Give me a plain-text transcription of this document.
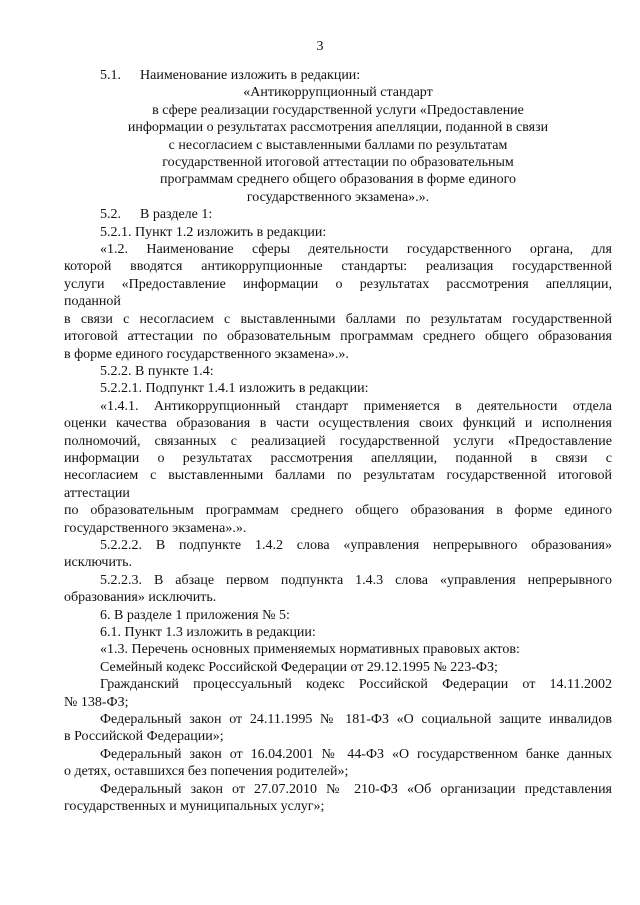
3

5.1. Наименование изложить в редакции:

«Антикоррупционный стандарт

в сфере реализации государственной услуги «Предоставление

информации о результатах рассмотрения апелляции, поданной в связи

с несогласием с выставленными баллами по результатам

государственной итоговой аттестации по образовательным

программам среднего общего образования в форме единого

государственного экзамена».».

5.2. В разделе 1:

5.2.1. Пункт 1.2 изложить в редакции:

«1.2. Наименование сферы деятельности государственного органа, для

которой вводятся антикоррупционные стандарты: реализация государственной

услуги «Предоставление информации о результатах рассмотрения апелляции,

поданной

в связи с несогласием с выставленными баллами по результатам государственной

итоговой аттестации по образовательным программам среднего общего образования

в форме единого государственного экзамена».».

5.2.2. В пункте 1.4:

5.2.2.1. Подпункт 1.4.1 изложить в редакции:

«1.4.1. Антикоррупционный стандарт применяется в деятельности отдела

оценки качества образования в части осуществления своих функций и исполнения

полномочий, связанных с реализацией государственной услуги «Предоставление

информации о результатах рассмотрения апелляции, поданной в связи с

несогласием с выставленными баллами по результатам государственной итоговой

аттестации

по образовательным программам среднего общего образования в форме единого

государственного экзамена».».

5.2.2.2. В подпункте 1.4.2 слова «управления непрерывного образования»

исключить.

5.2.2.3. В абзаце первом подпункта 1.4.3 слова «управления непрерывного

образования» исключить.

6. В разделе 1 приложения № 5:

6.1. Пункт 1.3 изложить в редакции:

«1.3. Перечень основных применяемых нормативных правовых актов:

Семейный кодекс Российской Федерации от 29.12.1995 № 223-ФЗ;

Гражданский процессуальный кодекс Российской Федерации от 14.11.2002

№ 138-ФЗ;

Федеральный закон от 24.11.1995 № 181-ФЗ «О социальной защите инвалидов

в Российской Федерации»;

Федеральный закон от 16.04.2001 № 44-ФЗ «О государственном банке данных

о детях, оставшихся без попечения родителей»;

Федеральный закон от 27.07.2010 № 210-ФЗ «Об организации представления

государственных и муниципальных услуг»;
